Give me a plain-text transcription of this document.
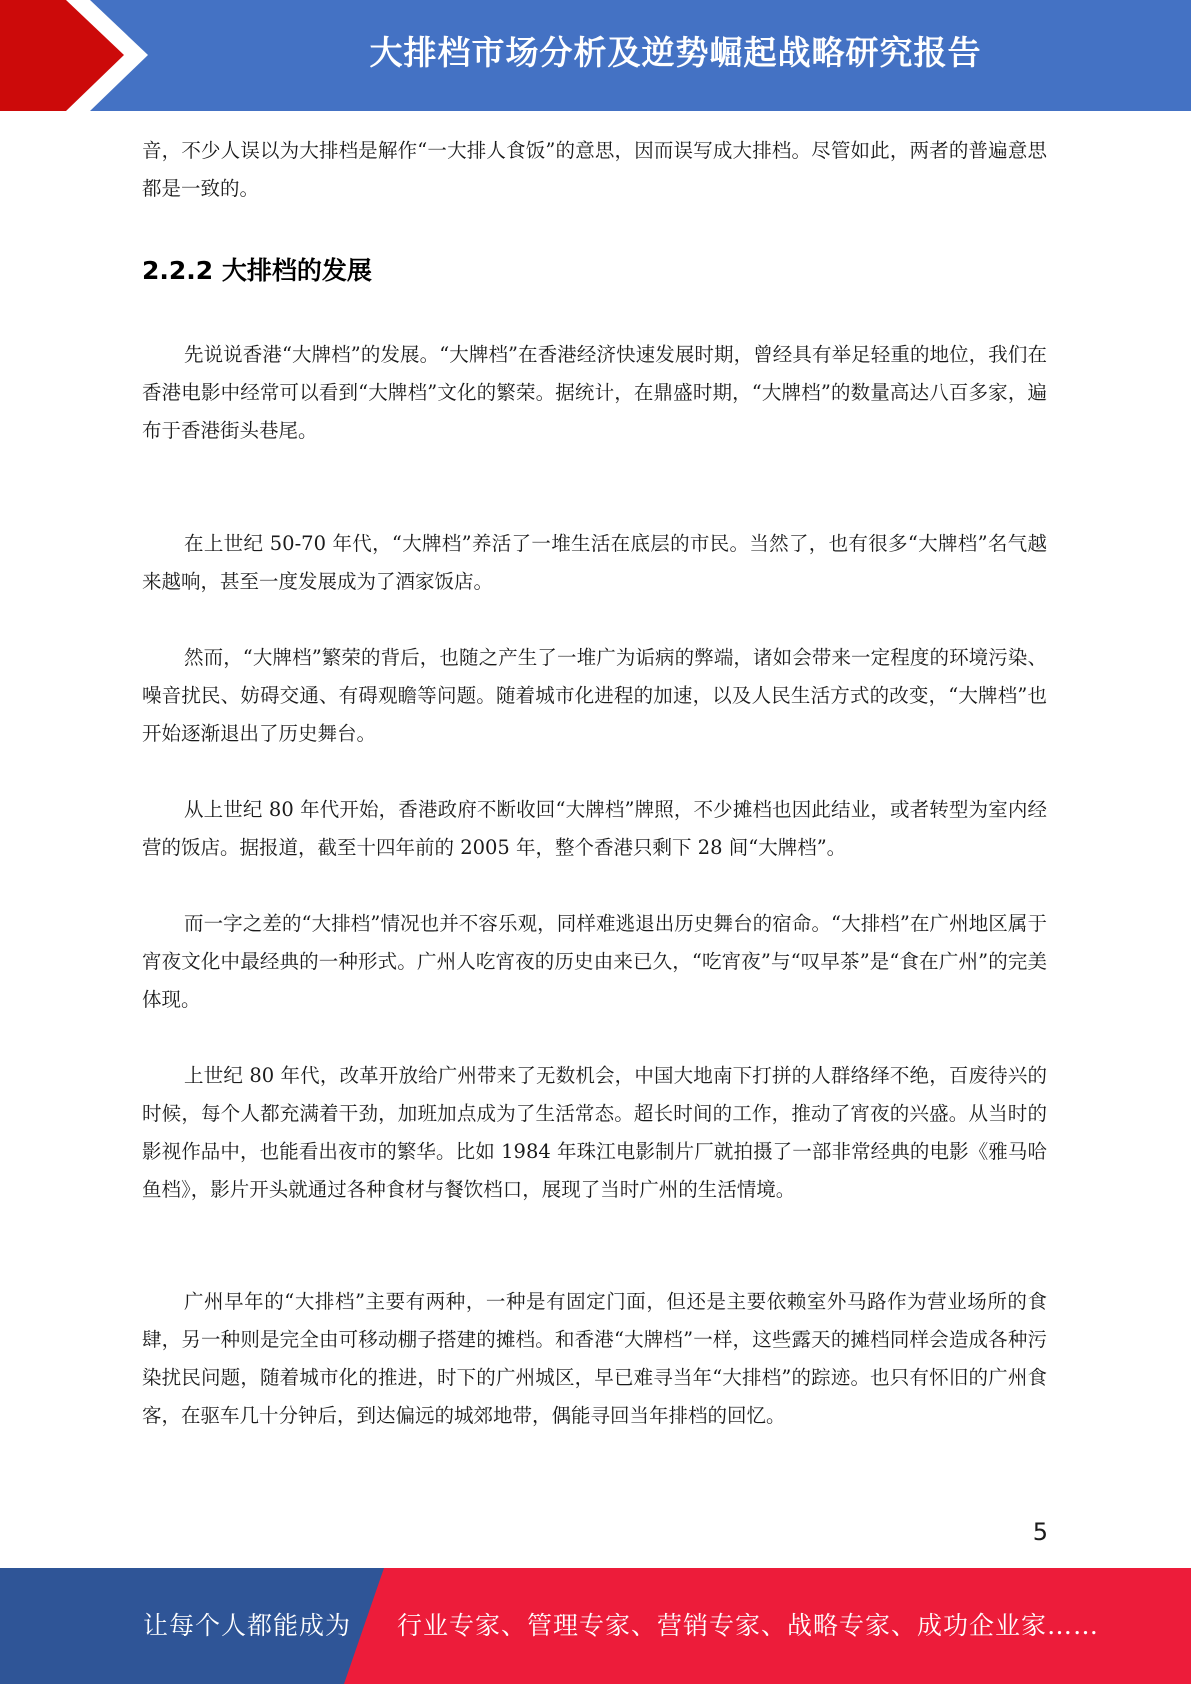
大排档市场分析及逆势崛起战略研究报告

音，不少人误以为大排档是解作“一大排人食饭”的意思，因而误写成大排档。尽管如此，两者的普遍意思都是一致的。

2.2.2 大排档的发展

先说说香港“大牌档”的发展。“大牌档”在香港经济快速发展时期，曾经具有举足轻重的地位，我们在香港电影中经常可以看到“大牌档”文化的繁荣。据统计，在鼎盛时期，“大牌档”的数量高达八百多家，遍布于香港街头巷尾。

在上世纪 50-70 年代，“大牌档”养活了一堆生活在底层的市民。当然了，也有很多“大牌档”名气越来越响，甚至一度发展成为了酒家饭店。

然而，“大牌档”繁荣的背后，也随之产生了一堆广为诟病的弊端，诸如会带来一定程度的环境污染、噪音扰民、妨碍交通、有碍观瞻等问题。随着城市化进程的加速，以及人民生活方式的改变，“大牌档”也开始逐渐退出了历史舞台。

从上世纪 80 年代开始，香港政府不断收回“大牌档”牌照，不少摊档也因此结业，或者转型为室内经营的饭店。据报道，截至十四年前的 2005 年，整个香港只剩下 28 间“大牌档”。

而一字之差的“大排档”情况也并不容乐观，同样难逃退出历史舞台的宿命。“大排档”在广州地区属于宵夜文化中最经典的一种形式。广州人吃宵夜的历史由来已久，“吃宵夜”与“叹早茶”是“食在广州”的完美体现。

上世纪 80 年代，改革开放给广州带来了无数机会，中国大地南下打拼的人群络绎不绝，百废待兴的时候，每个人都充满着干劲，加班加点成为了生活常态。超长时间的工作，推动了宵夜的兴盛。从当时的影视作品中，也能看出夜市的繁华。比如 1984 年珠江电影制片厂就拍摄了一部非常经典的电影《雅马哈鱼档》，影片开头就通过各种食材与餐饮档口，展现了当时广州的生活情境。

广州早年的“大排档”主要有两种，一种是有固定门面，但还是主要依赖室外马路作为营业场所的食肆，另一种则是完全由可移动棚子搭建的摊档。和香港“大牌档”一样，这些露天的摊档同样会造成各种污染扰民问题，随着城市化的推进，时下的广州城区，早已难寻当年“大排档”的踪迹。也只有怀旧的广州食客，在驱车几十分钟后，到达偏远的城郊地带，偶能寻回当年排档的回忆。

5
让每个人都能成为 行业专家、管理专家、营销专家、战略专家、成功企业家……
